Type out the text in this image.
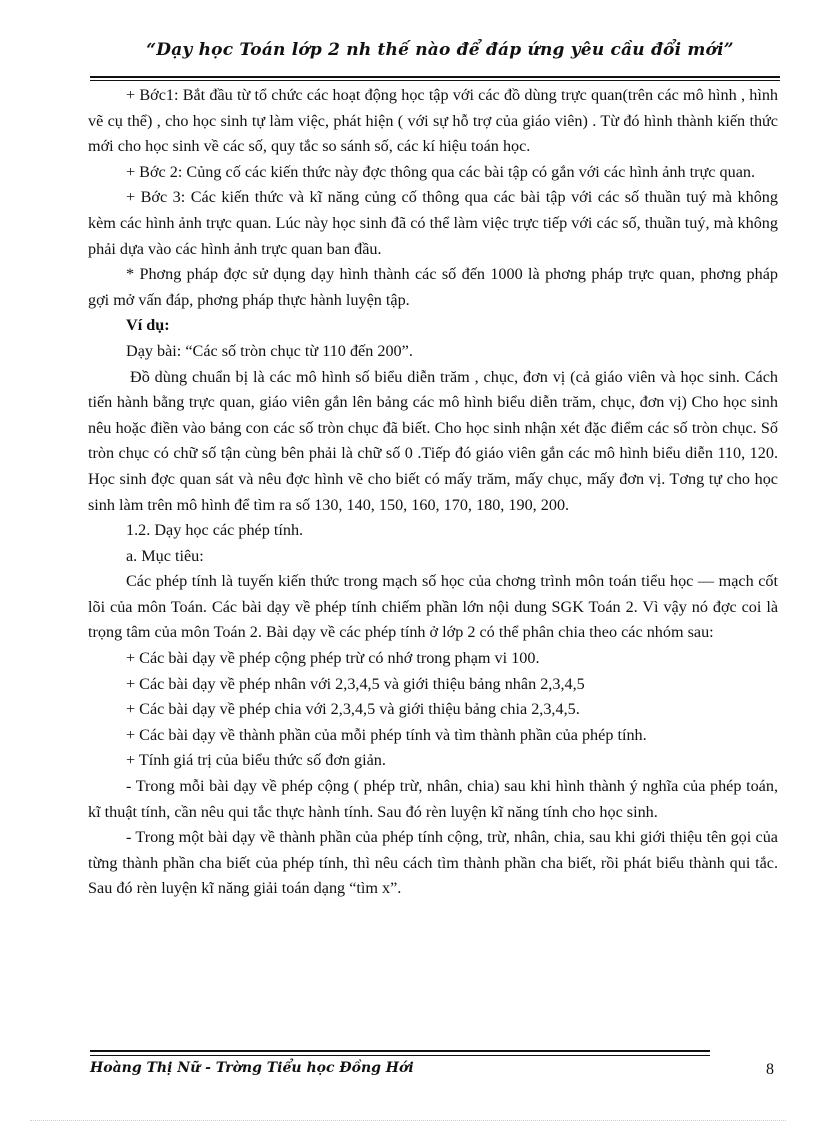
“Dạy học Toán lớp 2 nh thế nào để đáp ứng yêu cầu đổi mới”

+ Bớc1: Bắt đầu từ tổ chức các hoạt động học tập với các đồ dùng trực quan(trên các mô hình , hình vẽ cụ thể) , cho học sinh tự làm việc, phát hiện ( với sự hỗ trợ của giáo viên) . Từ đó hình thành kiến thức mới cho học sinh về các số, quy tắc so sánh số, các kí hiệu toán học.

+ Bớc 2: Củng cố các kiến thức này đợc thông qua các bài tập có gắn với các hình ảnh trực quan.

+ Bớc 3: Các kiến thức và kĩ năng củng cố thông qua các bài tập với các số thuần tuý mà không kèm các hình ảnh trực quan. Lúc này học sinh đã có thể làm việc trực tiếp với các số, thuần tuý, mà không phải dựa vào các hình ảnh trực quan ban đầu.

* Phơng pháp đợc sử dụng dạy hình thành các số đến 1000 là phơng pháp trực quan, phơng pháp gợi mở vấn đáp, phơng pháp thực hành luyện tập.

Ví dụ:

Dạy bài: “Các số tròn chục từ 110 đến 200”.

Đồ dùng chuẩn bị là các mô hình số biểu diễn trăm , chục, đơn vị (cả giáo viên và học sinh. Cách tiến hành bằng trực quan, giáo viên gắn lên bảng các mô hình biểu diễn trăm, chục, đơn vị) Cho học sinh nêu hoặc điền vào bảng con các số tròn chục đã biết. Cho học sinh nhận xét đặc điểm các số tròn chục. Số tròn chục có chữ số tận cùng bên phải là chữ số 0 .Tiếp đó giáo viên gắn các mô hình biểu diễn 110, 120. Học sinh đợc quan sát và nêu đợc hình vẽ cho biết có mấy trăm, mấy chục, mấy đơn vị. Tơng tự cho học sinh làm trên mô hình để tìm ra số 130, 140, 150, 160, 170, 180, 190, 200.

1.2. Dạy học các phép tính.

a. Mục tiêu:

Các phép tính là tuyến kiến thức trong mạch số học của chơng trình môn toán tiểu học — mạch cốt lõi của môn Toán. Các bài dạy về phép tính chiếm phần lớn nội dung SGK Toán 2. Vì vậy nó đợc coi là trọng tâm của môn Toán 2. Bài dạy về các phép tính ở lớp 2 có thể phân chia theo các nhóm sau:

+ Các bài dạy về phép cộng phép trừ có nhớ trong phạm vi 100.

+ Các bài dạy về phép nhân với 2,3,4,5 và giới thiệu bảng nhân 2,3,4,5

+ Các bài dạy về phép chia với 2,3,4,5 và giới thiệu bảng chia 2,3,4,5.

+ Các bài dạy về thành phần của mỗi phép tính và tìm thành phần của phép tính.

+ Tính giá trị của biểu thức số đơn giản.

- Trong mỗi bài dạy về phép cộng ( phép trừ, nhân, chia) sau khi hình thành ý nghĩa của phép toán, kĩ thuật tính, cần nêu qui tắc thực hành tính. Sau đó rèn luyện kĩ năng tính cho học sinh.

- Trong một bài dạy về thành phần của phép tính cộng, trừ, nhân, chia, sau khi giới thiệu tên gọi của từng thành phần cha biết của phép tính, thì nêu cách tìm thành phần cha biết, rồi phát biểu thành qui tắc. Sau đó rèn luyện kĩ năng giải toán dạng “tìm x”.

Hoàng Thị Nữ - Trờng Tiểu học Đồng Hới	8
